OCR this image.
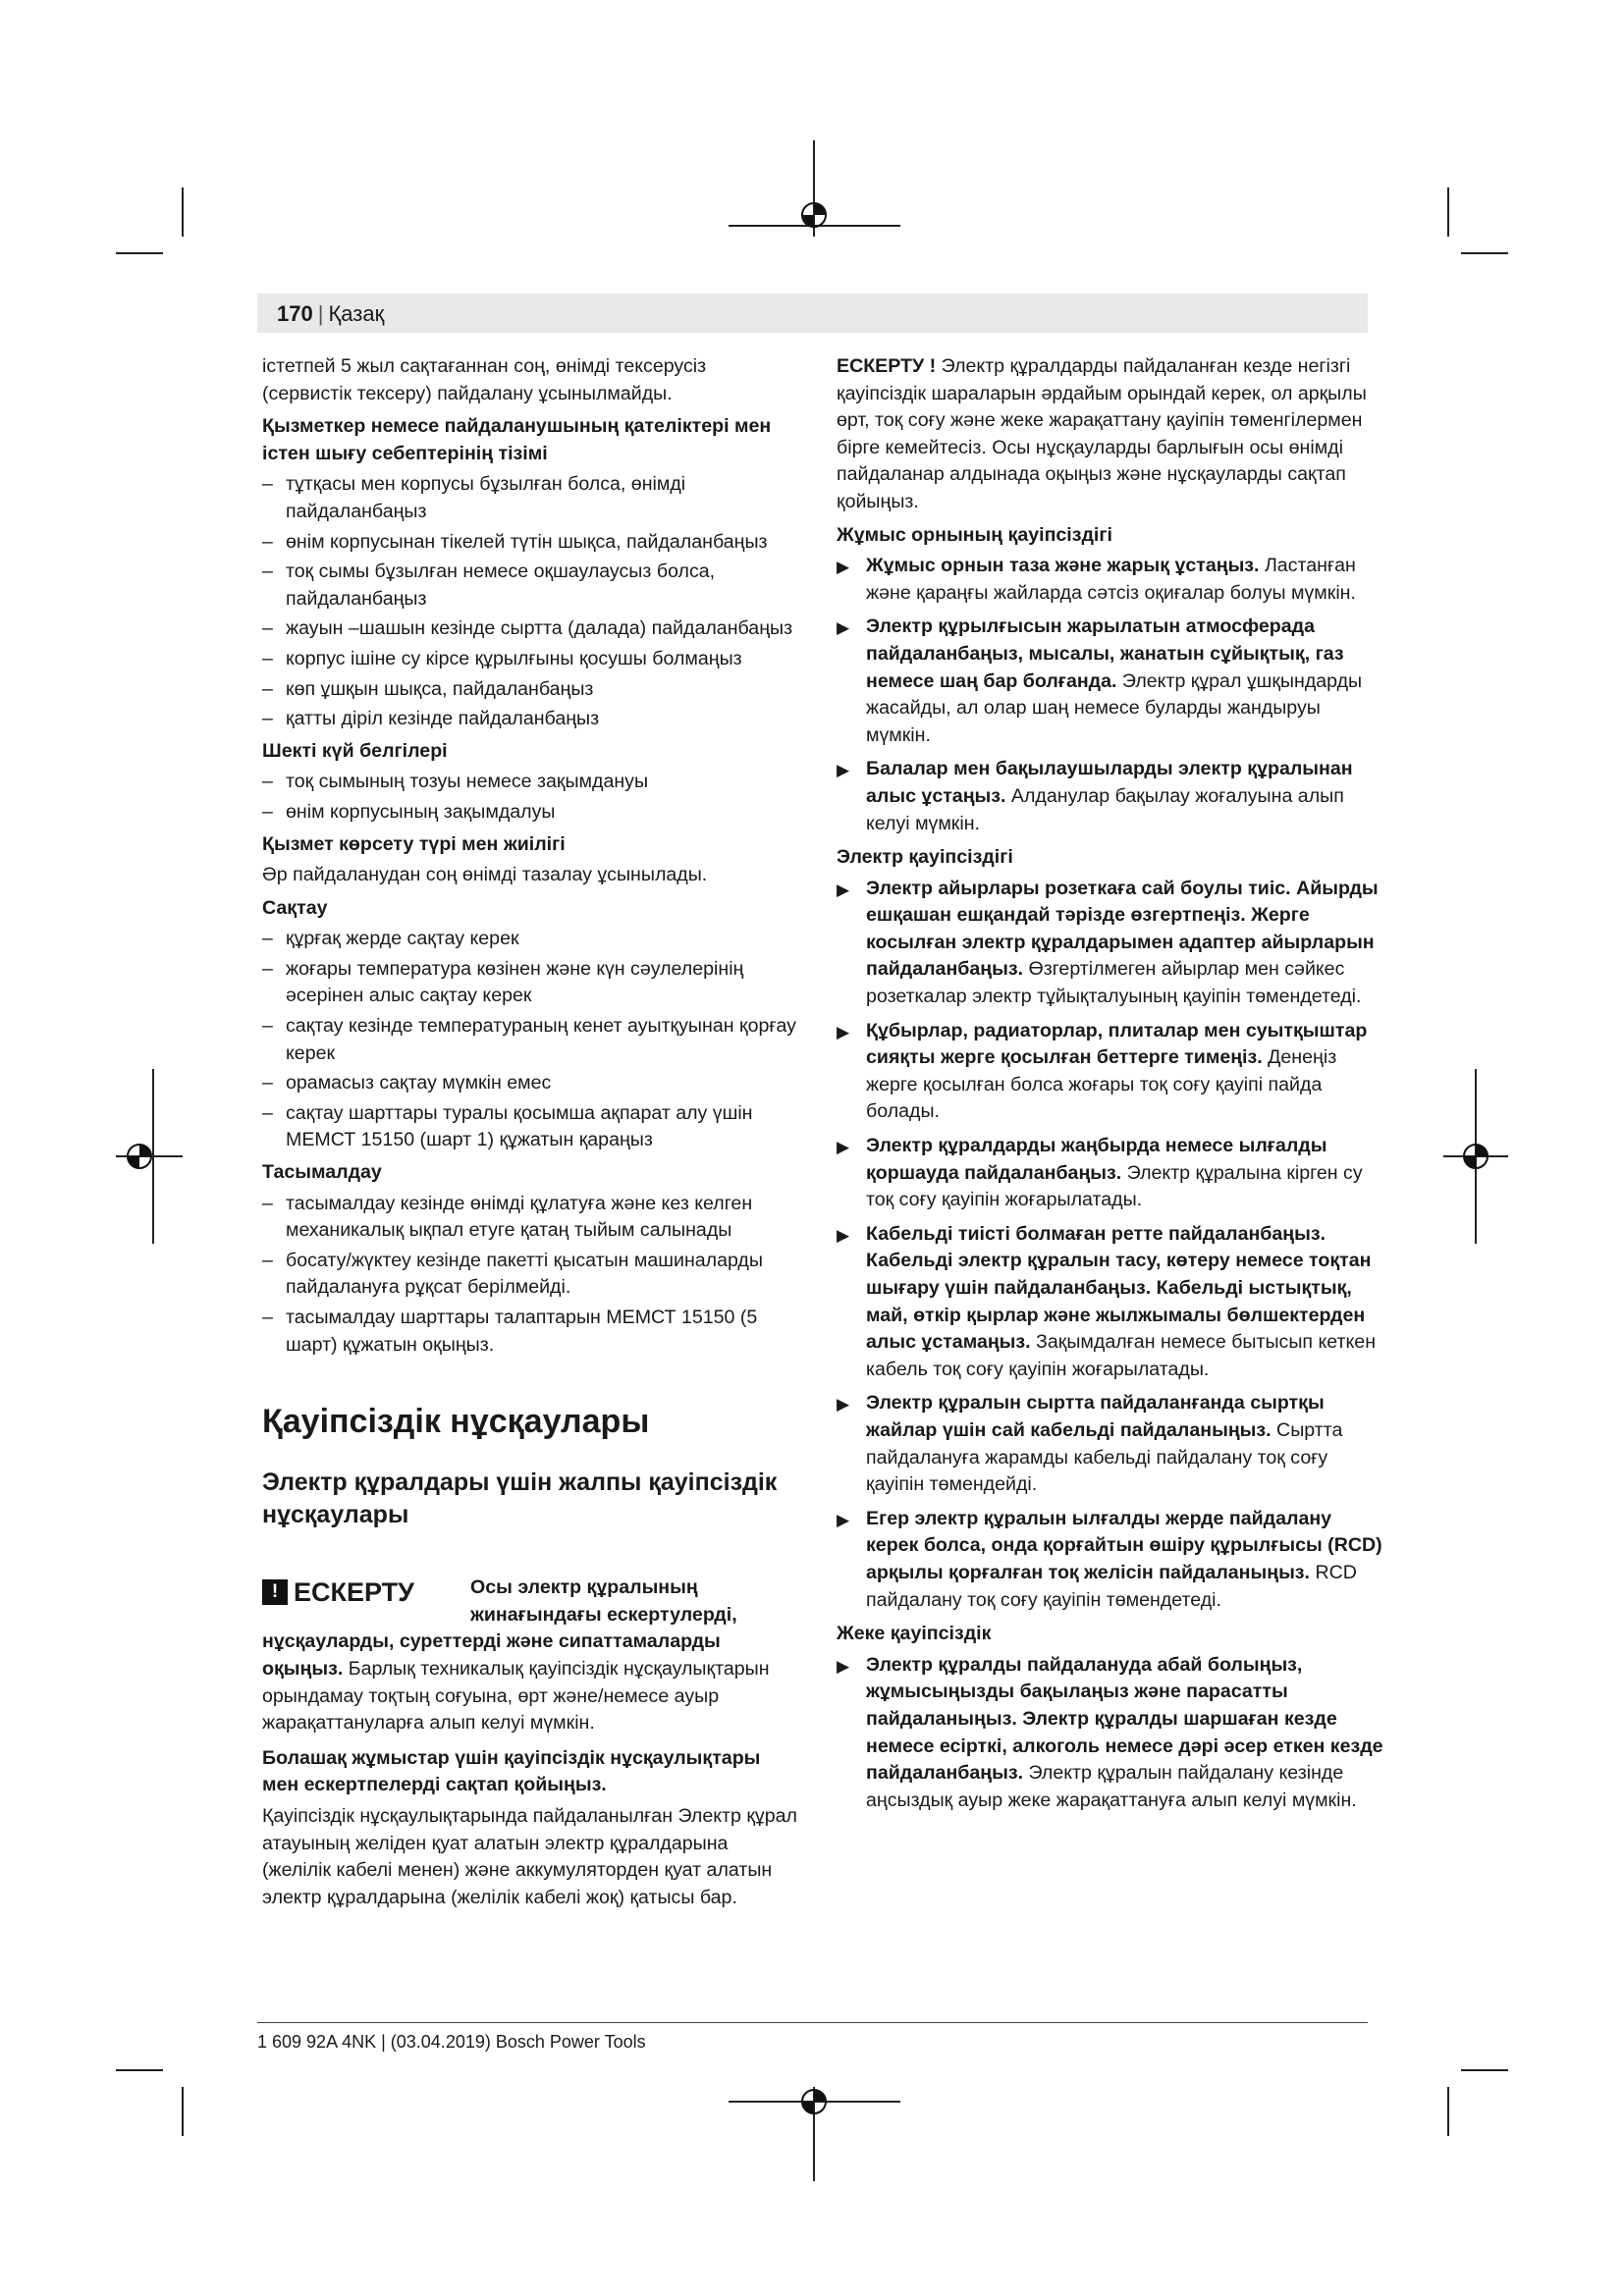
170 | Қазақ

істетпей 5 жыл сақтағаннан соң, өнімді тексерусіз (сервистік тексеру) пайдалану ұсынылмайды.

Қызметкер немесе пайдаланушының қателіктері мен істен шығу себептерінің тізімі
– тұтқасы мен корпусы бұзылған болса, өнімді пайдаланбаңыз
– өнім корпусынан тікелей түтін шықса, пайдаланбаңыз
– тоқ сымы бұзылған немесе оқшаулаусыз болса, пайдаланбаңыз
– жауын –шашын кезінде сыртта (далада) пайдаланбаңыз
– корпус ішіне су кірсе құрылғыны қосушы болмаңыз
– көп ұшқын шықса, пайдаланбаңыз
– қатты діріл кезінде пайдаланбаңыз
Шекті күй белгілері
– тоқ сымының тозуы немесе зақымдануы
– өнім корпусының зақымдалуы
Қызмет көрсету түрі мен жиілігі

Әр пайдаланудан соң өнімді тазалау ұсынылады.

Сақтау
– құрғақ жерде сақтау керек
– жоғары температура көзінен және күн сәулелерінің әсерінен алыс сақтау керек
– сақтау кезінде температураның кенет ауытқуынан қорғау керек
– орамасыз сақтау мүмкін емес
– сақтау шарттары туралы қосымша ақпарат алу үшін МЕМСТ 15150 (шарт 1) құжатын қараңыз
Тасымалдау
– тасымалдау кезінде өнімді құлатуға және кез келген механикалық ықпал етуге қатаң тыйым салынады
– босату/жүктеу кезінде пакетті қысатын машиналарды пайдалануға рұқсат берілмейді.
– тасымалдау шарттары талаптарын МЕМСТ 15150 (5 шарт) құжатын оқыңыз.
Қауіпсіздік нұсқаулары
Электр құралдары үшін жалпы қауіпсіздік нұсқаулары
! ЕСКЕРТУ	Осы электр құралының жинағындағы ескертулерді,
нұсқауларды, суреттерді және сипаттамаларды оқыңыз. Барлық техникалық қауіпсіздік нұсқаулықтарын орындамау тоқтың соғуына, өрт және/немесе ауыр жарақаттануларға алып келуі мүмкін.
Болашақ жұмыстар үшін қауіпсіздік нұсқаулықтары мен ескертпелерді сақтап қойыңыз.

Қауіпсіздік нұсқаулықтарында пайдаланылған Электр құрал атауының желіден қуат алатын электр құралдарына (желілік кабелі менен) және аккумуляторден қуат алатын электр құралдарына (желілік кабелі жоқ) қатысы бар.

ЕСКЕРТУ ! Электр құралдарды пайдаланған кезде негізгі қауіпсіздік шараларын әрдайым орындай керек, ол арқылы өрт, тоқ соғу және жеке жарақаттану қауіпін төменгілермен бірге кемейтесіз. Осы нұсқауларды барлығын осы өнімді пайдаланар алдынада оқыңыз және нұсқауларды сақтап қойыңыз.

Жұмыс орнының қауіпсіздігі
▶ Жұмыс орнын таза және жарық ұстаңыз. Ластанған және қараңғы жайларда сәтсіз оқиғалар болуы мүмкін.
▶ Электр құрылғысын жарылатын атмосферада пайдаланбаңыз, мысалы, жанатын сұйықтық, газ немесе шаң бар болғанда. Электр құрал ұшқындарды жасайды, ал олар шаң немесе буларды жандыруы мүмкін.
▶ Балалар мен бақылаушыларды электр құралынан алыс ұстаңыз. Алданулар бақылау жоғалуына алып келуі мүмкін.
Электр қауіпсіздігі
▶ Электр айырлары розеткаға сай боулы тиіс. Айырды ешқашан ешқандай тәрізде өзгертпеңіз. Жерге косылған электр құралдарымен адаптер айырларын пайдаланбаңыз. Өзгертілмеген айырлар мен сәйкес розеткалар электр тұйықталуының қауіпін төмендетеді.
▶ Құбырлар, радиаторлар, плиталар мен суытқыштар сияқты жерге қосылған беттерге тимеңіз. Денеңіз жерге қосылған болса жоғары тоқ соғу қауіпі пайда болады.
▶ Электр құралдарды жаңбырда немесе ылғалды қоршауда пайдаланбаңыз. Электр құралына кірген су тоқ соғу қауіпін жоғарылатады.
▶ Кабельді тиісті болмаған ретте пайдаланбаңыз. Кабельді электр құралын тасу, көтеру немесе тоқтан шығару үшін пайдаланбаңыз. Кабельді ыстықтық, май, өткір қырлар және жылжымалы бөлшектерден алыс ұстамаңыз. Зақымдалған немесе бытысып кеткен кабель тоқ соғу қауіпін жоғарылатады.
▶ Электр құралын сыртта пайдаланғанда сыртқы жайлар үшін сай кабельді пайдаланыңыз. Сыртта пайдалануға жарамды кабельді пайдалану тоқ соғу қауіпін төмендейді.
▶ Егер электр құралын ылғалды жерде пайдалану керек болса, онда қорғайтын өшіру құрылғысы (RCD) арқылы қорғалған тоқ желісін пайдаланыңыз. RCD пайдалану тоқ соғу қауіпін төмендетеді.
Жеке қауіпсіздік
▶ Электр құралды пайдалануда абай болыңыз, жұмысыңызды бақылаңыз және парасатты пайдаланыңыз. Электр құралды шаршаған кезде немесе есірткі, алкоголь немесе дәрі әсер еткен кезде пайдаланбаңыз. Электр құралын пайдалану кезінде аңсыздық ауыр жеке жарақаттануға алып келуі мүмкін.
1 609 92A 4NK | (03.04.2019) Bosch Power Tools
